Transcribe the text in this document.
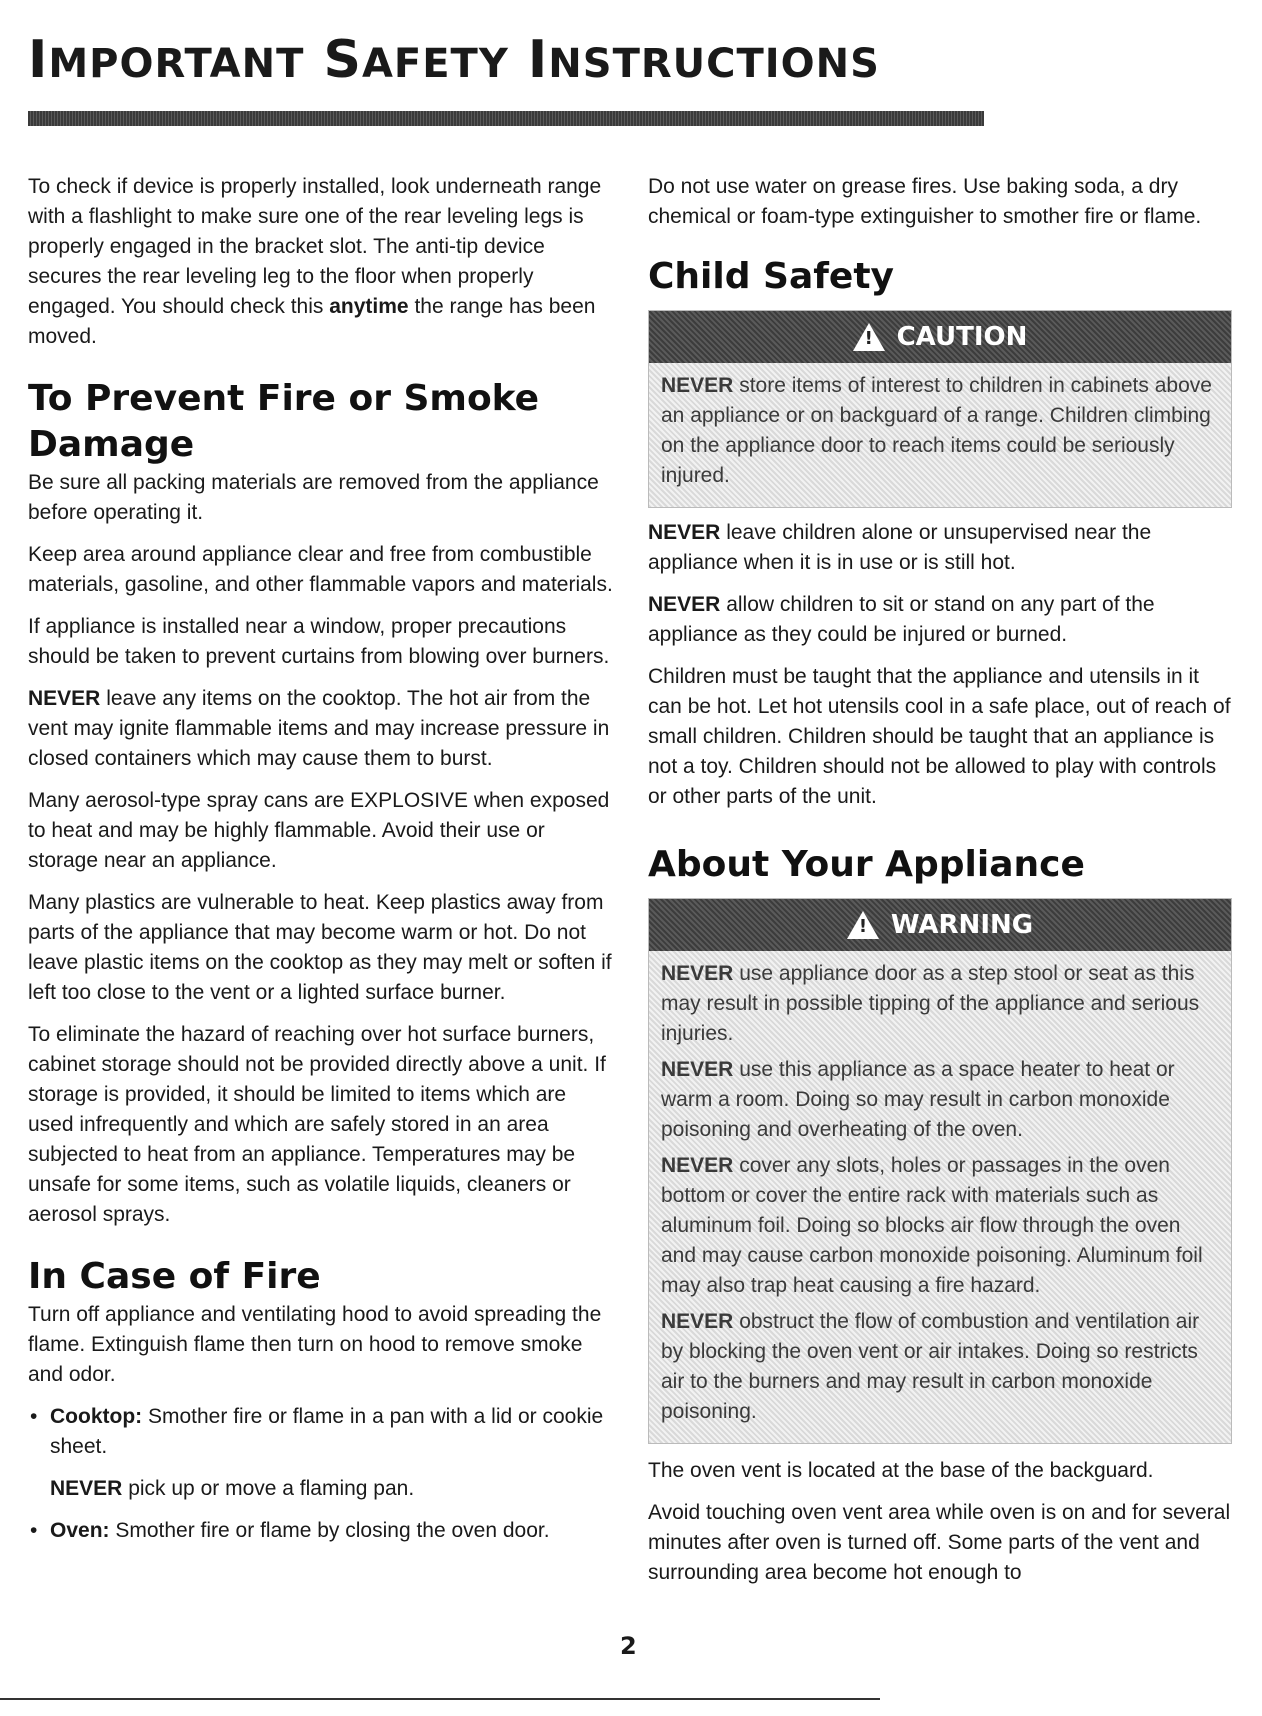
IMPORTANT SAFETY INSTRUCTIONS

To check if device is properly installed, look underneath range with a flashlight to make sure one of the rear leveling legs is properly engaged in the bracket slot. The anti-tip device secures the rear leveling leg to the floor when properly engaged. You should check this anytime the range has been moved.

To Prevent Fire or Smoke Damage

Be sure all packing materials are removed from the appliance before operating it.

Keep area around appliance clear and free from combustible materials, gasoline, and other flammable vapors and materials.

If appliance is installed near a window, proper precautions should be taken to prevent curtains from blowing over burners.

NEVER leave any items on the cooktop. The hot air from the vent may ignite flammable items and may increase pressure in closed containers which may cause them to burst.

Many aerosol-type spray cans are EXPLOSIVE when exposed to heat and may be highly flammable. Avoid their use or storage near an appliance.

Many plastics are vulnerable to heat. Keep plastics away from parts of the appliance that may become warm or hot. Do not leave plastic items on the cooktop as they may melt or soften if left too close to the vent or a lighted surface burner.

To eliminate the hazard of reaching over hot surface burners, cabinet storage should not be provided directly above a unit. If storage is provided, it should be limited to items which are used infrequently and which are safely stored in an area subjected to heat from an appliance. Temperatures may be unsafe for some items, such as volatile liquids, cleaners or aerosol sprays.

In Case of Fire

Turn off appliance and ventilating hood to avoid spreading the flame. Extinguish flame then turn on hood to remove smoke and odor.

• Cooktop: Smother fire or flame in a pan with a lid or cookie sheet.

NEVER pick up or move a flaming pan.

• Oven: Smother fire or flame by closing the oven door.

Do not use water on grease fires. Use baking soda, a dry chemical or foam-type extinguisher to smother fire or flame.

Child Safety
! CAUTION

NEVER store items of interest to children in cabinets above an appliance or on backguard of a range. Children climbing on the appliance door to reach items could be seriously injured.

NEVER leave children alone or unsupervised near the appliance when it is in use or is still hot.

NEVER allow children to sit or stand on any part of the appliance as they could be injured or burned.

Children must be taught that the appliance and utensils in it can be hot. Let hot utensils cool in a safe place, out of reach of small children. Children should be taught that an appliance is not a toy. Children should not be allowed to play with controls or other parts of the unit.

About Your Appliance
! WARNING

NEVER use appliance door as a step stool or seat as this may result in possible tipping of the appliance and serious injuries.

NEVER use this appliance as a space heater to heat or warm a room. Doing so may result in carbon monoxide poisoning and overheating of the oven.

NEVER cover any slots, holes or passages in the oven bottom or cover the entire rack with materials such as aluminum foil. Doing so blocks air flow through the oven and may cause carbon monoxide poisoning. Aluminum foil may also trap heat causing a fire hazard.

NEVER obstruct the flow of combustion and ventilation air by blocking the oven vent or air intakes. Doing so restricts air to the burners and may result in carbon monoxide poisoning.

The oven vent is located at the base of the backguard.

Avoid touching oven vent area while oven is on and for several minutes after oven is turned off. Some parts of the vent and surrounding area become hot enough to

2
